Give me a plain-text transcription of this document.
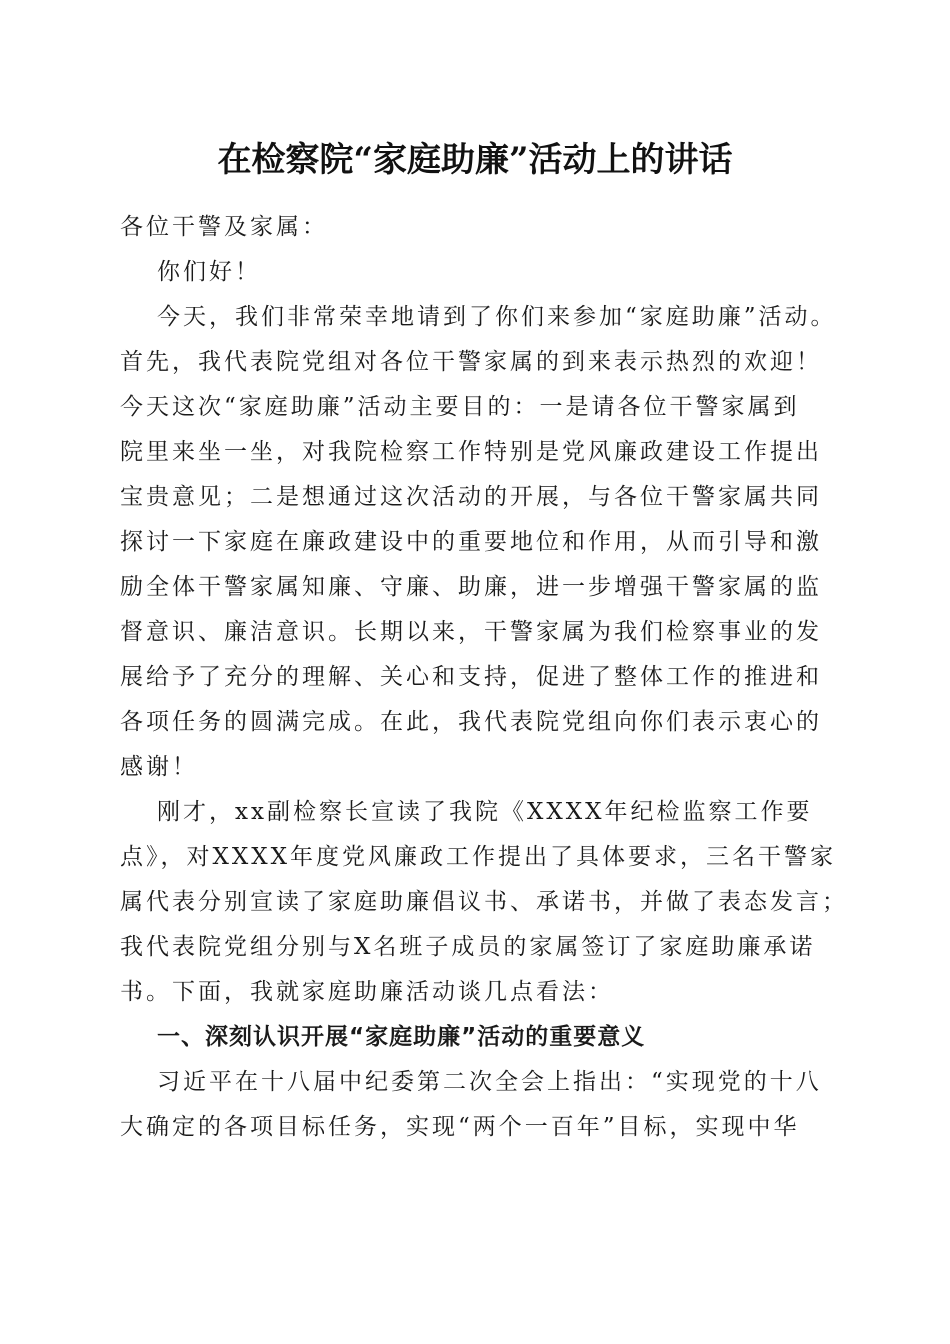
在检察院“家庭助廉”活动上的讲话
各位干警及家属：
你们好！
今天，我们非常荣幸地请到了你们来参加“家庭助廉”活动。
首先，我代表院党组对各位干警家属的到来表示热烈的欢迎！
今天这次“家庭助廉”活动主要目的：一是请各位干警家属到
院里来坐一坐，对我院检察工作特别是党风廉政建设工作提出
宝贵意见；二是想通过这次活动的开展，与各位干警家属共同
探讨一下家庭在廉政建设中的重要地位和作用，从而引导和激
励全体干警家属知廉、守廉、助廉，进一步增强干警家属的监
督意识、廉洁意识。长期以来，干警家属为我们检察事业的发
展给予了充分的理解、关心和支持，促进了整体工作的推进和
各项任务的圆满完成。在此，我代表院党组向你们表示衷心的
感谢！
刚才，xx副检察长宣读了我院《XXXX年纪检监察工作要
点》，对XXXX年度党风廉政工作提出了具体要求，三名干警家
属代表分别宣读了家庭助廉倡议书、承诺书，并做了表态发言；
我代表院党组分别与X名班子成员的家属签订了家庭助廉承诺
书。下面，我就家庭助廉活动谈几点看法：
一、深刻认识开展“家庭助廉”活动的重要意义
习近平在十八届中纪委第二次全会上指出：“实现党的十八
大确定的各项目标任务，实现“两个一百年”目标，实现中华
